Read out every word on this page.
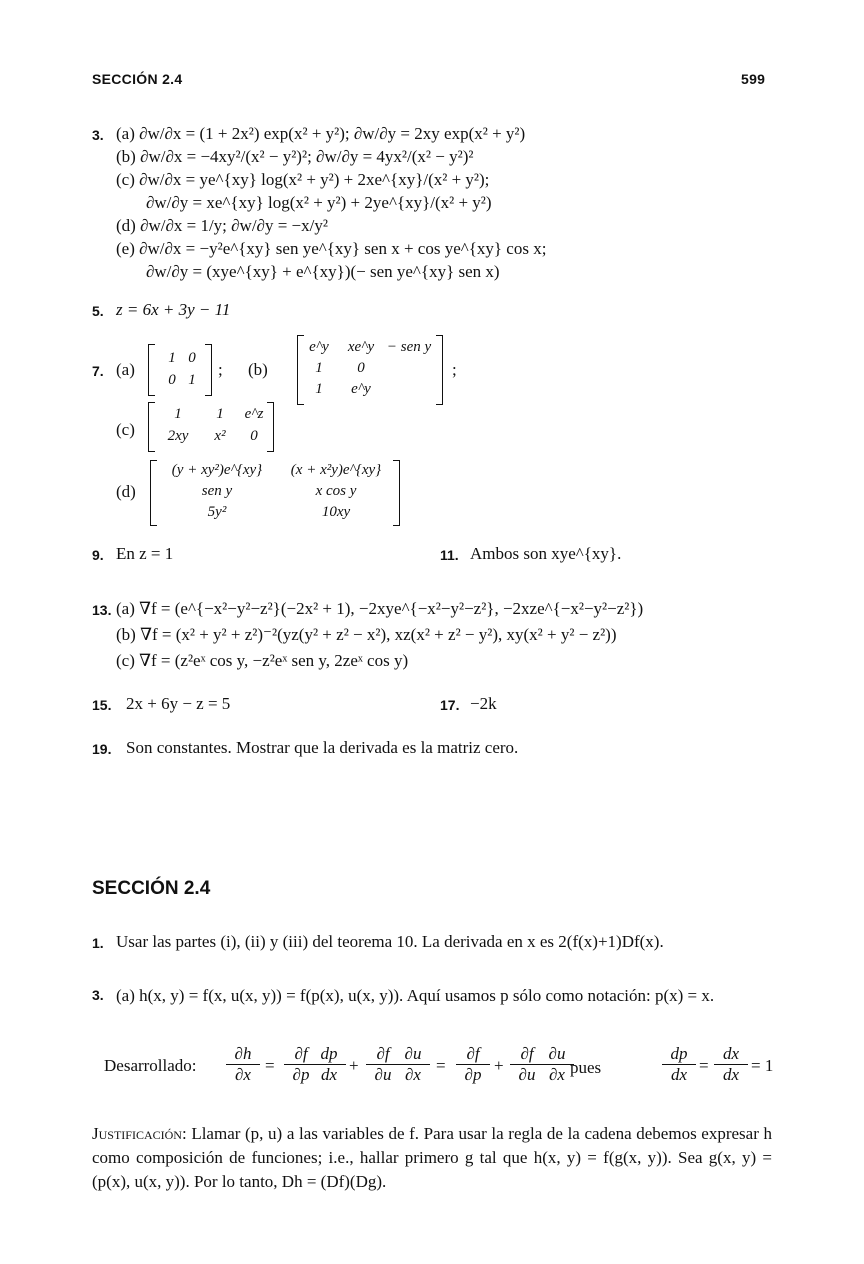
SECCIÓN 2.4	599
3. (a) ∂w/∂x = (1 + 2x²) exp(x² + y²); ∂w/∂y = 2xy exp(x² + y²)
(b) ∂w/∂x = −4xy²/(x² − y²)²; ∂w/∂y = 4yx²/(x² − y²)²
(c) ∂w/∂x = ye^{xy} log(x² + y²) + 2xe^{xy}/(x² + y²);
∂w/∂y = xe^{xy} log(x² + y²) + 2ye^{xy}/(x² + y²)
(d) ∂w/∂x = 1/y; ∂w/∂y = −x/y²
(e) ∂w/∂x = −y²e^{xy} sen ye^{xy} sen x + cos ye^{xy} cos x;
∂w/∂y = (xye^{xy} + e^{xy})(− sen ye^{xy} sen x)
5. z = 6x + 3y − 11
7. (a)
1 0
0 1
; (b)
e^y xe^y − sen y
1 0
1 e^y
;
(c)
1 1 e^z
2xy x² 0
(d)
(y + xy²)e^{xy} (x + x²y)e^{xy}
sen y	x cos y
5y²	10xy
9. En z = 1	11. Ambos son xye^{xy}.
13. (a) ∇f = (e^{−x²−y²−z²}(−2x² + 1), −2xye^{−x²−y²−z²}, −2xze^{−x²−y²−z²})
(b) ∇f = (x² + y² + z²)⁻²(yz(y² + z² − x²), xz(x² + z² − y²), xy(x² + y² − z²))
(c) ∇f = (z²eˣ cos y, −z²eˣ sen y, 2zeˣ cos y)
15. 2x + 6y − z = 5	17. −2k
19. Son constantes. Mostrar que la derivada es la matriz cero.
SECCIÓN 2.4
1. Usar las partes (i), (ii) y (iii) del teorema 10. La derivada en x es 2(f(x)+1)Df(x).
3. (a) h(x, y) = f(x, u(x, y)) = f(p(x), u(x, y)). Aquí usamos p sólo como notación: p(x) = x.
Desarrollado: $\frac{\partial h}{\partial x} = \frac{\partial f}{\partial p}$
$\frac{dp}{dx} + \frac{\partial f}{\partial u}$
$\frac{\partial u}{\partial x} = \frac{\partial f}{\partial p} + \frac{\partial f}{\partial u}$
$\frac{\partial u}{\partial x}$
pues	$\frac{dp}{dx} = \frac{dx}{dx} = 1$
Justificación: Llamar (p, u) a las variables de f. Para usar la regla de la cadena debemos expresar h como composición de funciones; i.e., hallar primero g tal que h(x, y) = f(g(x, y)). Sea g(x, y) = (p(x), u(x, y)). Por lo tanto, Dh = (Df)(Dg).
